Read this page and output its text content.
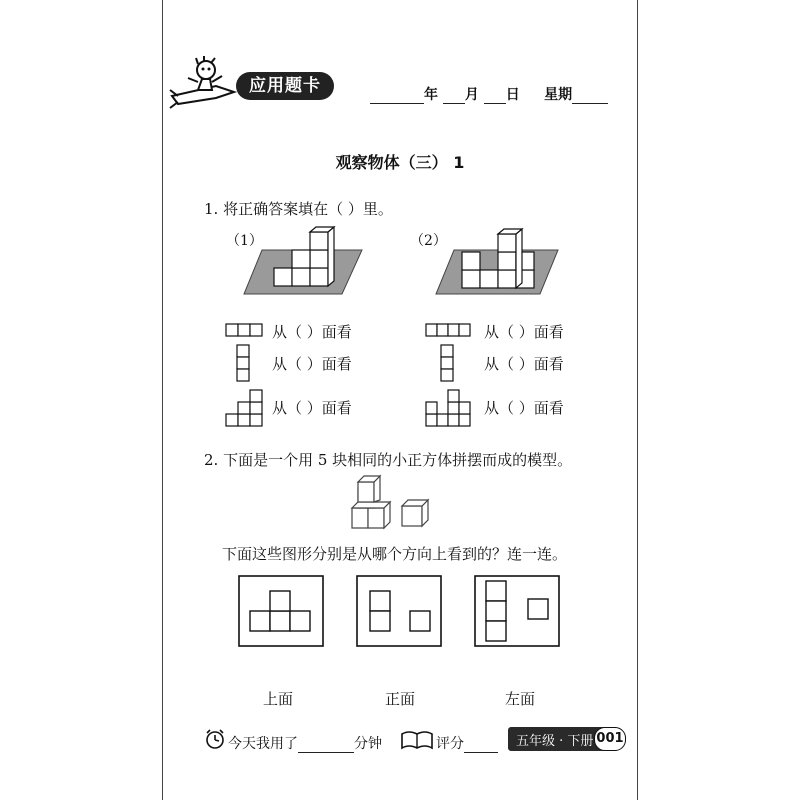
应用题卡	年 月 日 星期
观察物体（三） 1
1. 将正确答案填在（ ）里。
（1）	（2）
从（ ）面看
从（ ）面看
从（ ）面看
从（ ）面看
从（ ）面看
从（ ）面看
2. 下面是一个用 5 块相同的小正方体拼摆而成的模型。
下面这些图形分别是从哪个方向上看到的？连一连。
上面	正面	左面
今天我用了	分钟	评分	五年级 · 下册 001
